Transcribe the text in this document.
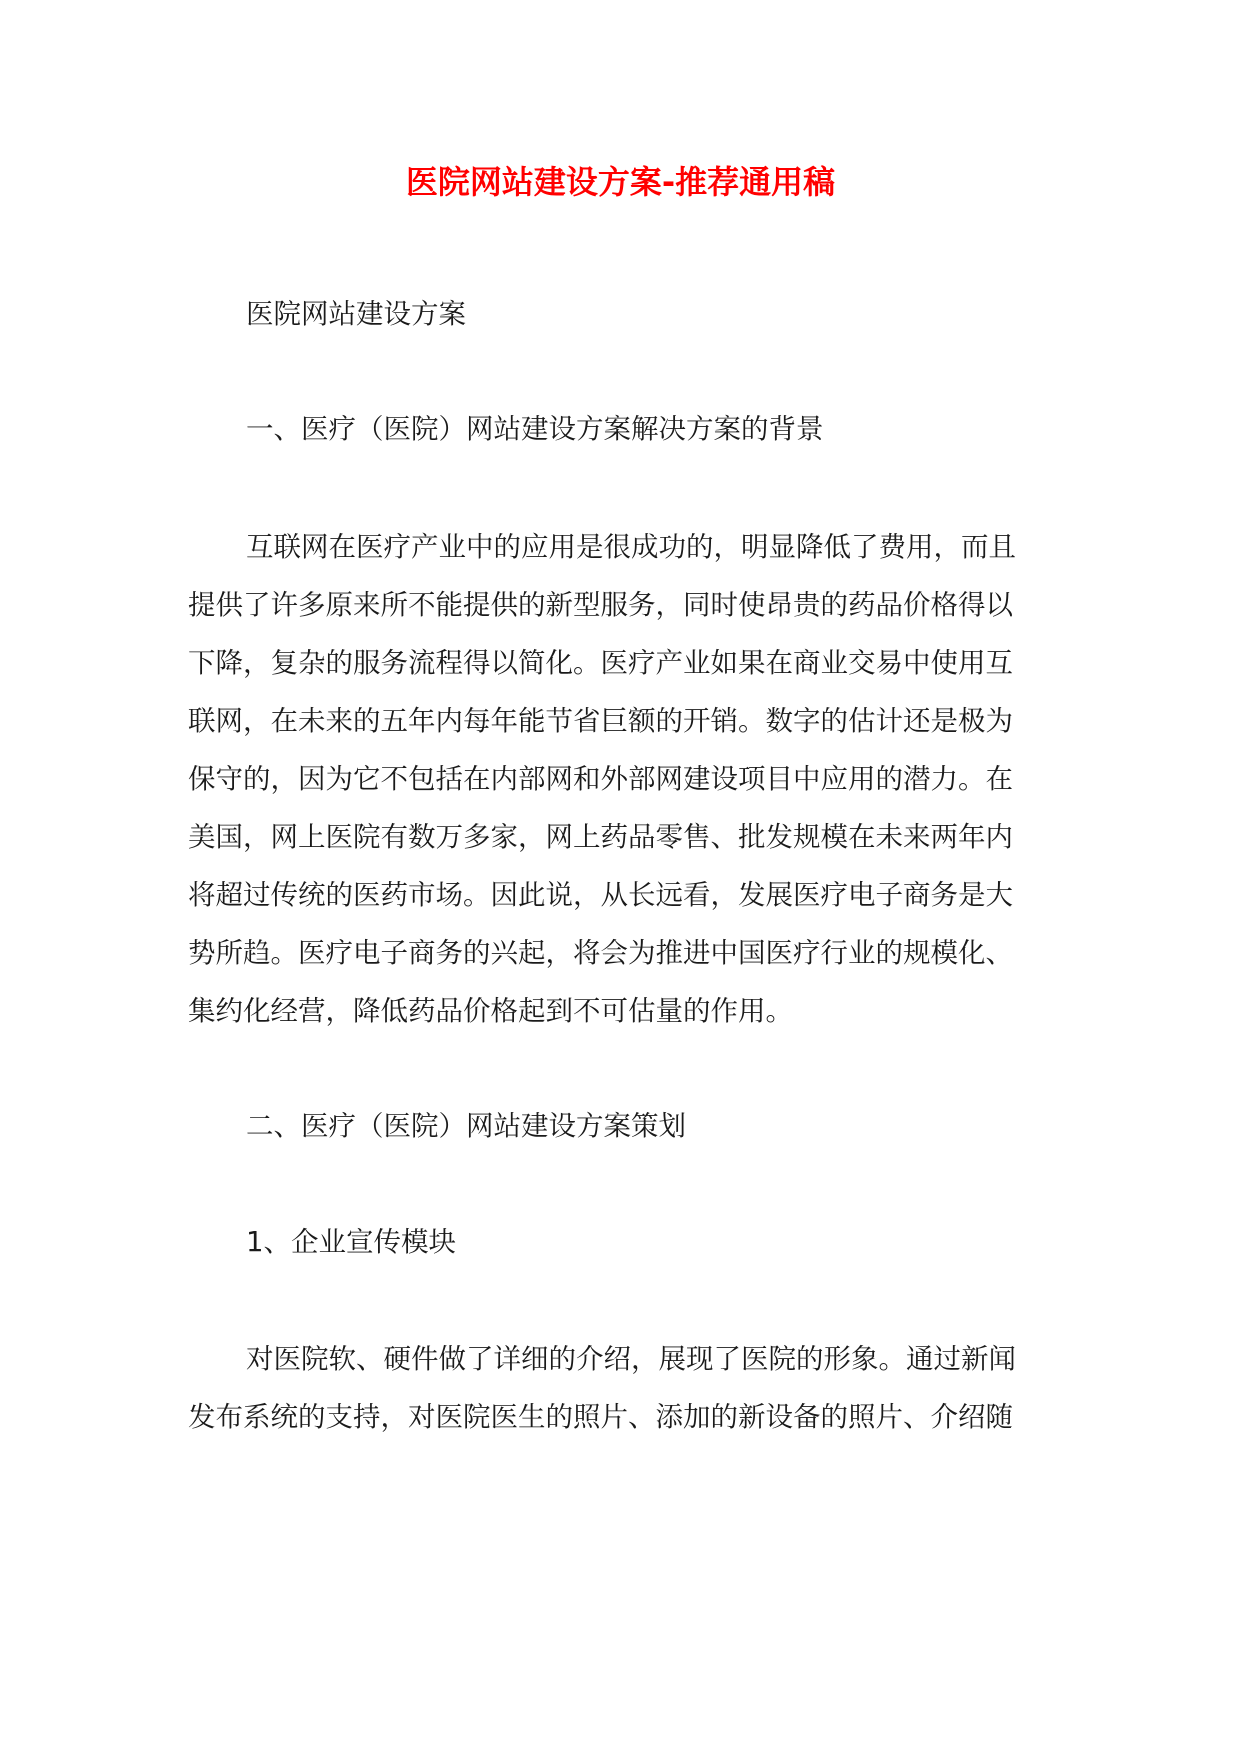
医院网站建设方案-推荐通用稿
医院网站建设方案
一、医疗（医院）网站建设方案解决方案的背景
互联网在医疗产业中的应用是很成功的，明显降低了费用，而且
提供了许多原来所不能提供的新型服务，同时使昂贵的药品价格得以
下降，复杂的服务流程得以简化。医疗产业如果在商业交易中使用互
联网，在未来的五年内每年能节省巨额的开销。数字的估计还是极为
保守的，因为它不包括在内部网和外部网建设项目中应用的潜力。在
美国，网上医院有数万多家，网上药品零售、批发规模在未来两年内
将超过传统的医药市场。因此说，从长远看，发展医疗电子商务是大
势所趋。医疗电子商务的兴起，将会为推进中国医疗行业的规模化、
集约化经营，降低药品价格起到不可估量的作用。
二、医疗（医院）网站建设方案策划
1、企业宣传模块
对医院软、硬件做了详细的介绍，展现了医院的形象。通过新闻
发布系统的支持，对医院医生的照片、添加的新设备的照片、介绍随
